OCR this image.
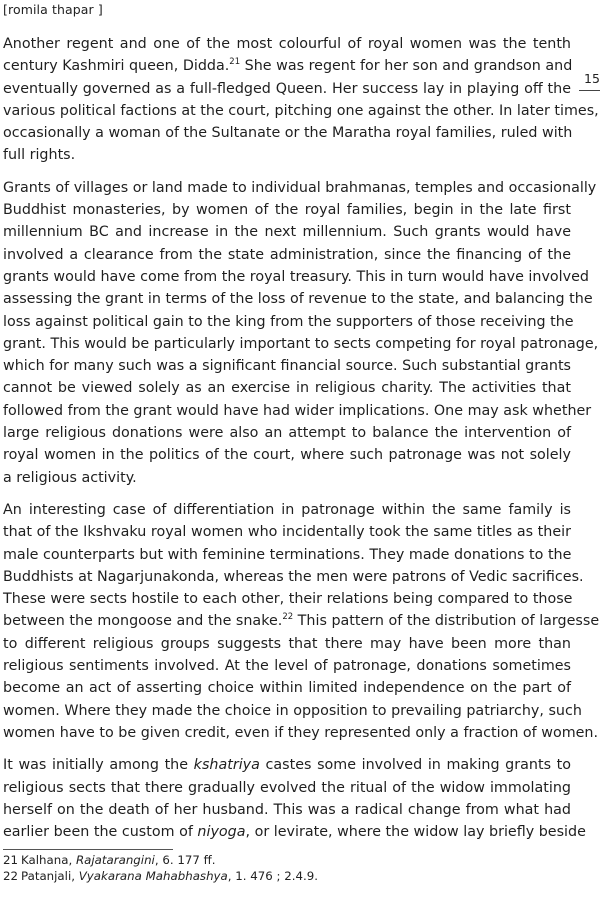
[romila thapar ]
15

Another regent and one of the most colourful of royal women was the tenth
century Kashmiri queen, Didda.$^{21}$ She was regent for her son and grandson and
eventually governed as a full-fledged Queen. Her success lay in playing off the
various political factions at the court, pitching one against the other. In later times,
occasionally a woman of the Sultanate or the Maratha royal families, ruled with
full rights.

Grants of villages or land made to individual brahmanas, temples and occasionally
Buddhist monasteries, by women of the royal families, begin in the late first
millennium BC and increase in the next millennium. Such grants would have
involved a clearance from the state administration, since the financing of the
grants would have come from the royal treasury. This in turn would have involved
assessing the grant in terms of the loss of revenue to the state, and balancing the
loss against political gain to the king from the supporters of those receiving the
grant. This would be particularly important to sects competing for royal patronage,
which for many such was a significant financial source. Such substantial grants
cannot be viewed solely as an exercise in religious charity. The activities that
followed from the grant would have had wider implications. One may ask whether
large religious donations were also an attempt to balance the intervention of
royal women in the politics of the court, where such patronage was not solely
a religious activity.

An interesting case of differentiation in patronage within the same family is
that of the Ikshvaku royal women who incidentally took the same titles as their
male counterparts but with feminine terminations. They made donations to the
Buddhists at Nagarjunakonda, whereas the men were patrons of Vedic sacrifices.
These were sects hostile to each other, their relations being compared to those
between the mongoose and the snake.$^{22}$ This pattern of the distribution of largesse
to different religious groups suggests that there may have been more than
religious sentiments involved. At the level of patronage, donations sometimes
become an act of asserting choice within limited independence on the part of
women. Where they made the choice in opposition to prevailing patriarchy, such
women have to be given credit, even if they represented only a fraction of women.

It was initially among the kshatriya castes some involved in making grants to
religious sects that there gradually evolved the ritual of the widow immolating
herself on the death of her husband. This was a radical change from what had
earlier been the custom of niyoga, or levirate, where the widow lay briefly beside

21 Kalhana, Rajatarangini, 6. 177 ff.
22 Patanjali, Vyakarana Mahabhashya, 1. 476 ; 2.4.9.
